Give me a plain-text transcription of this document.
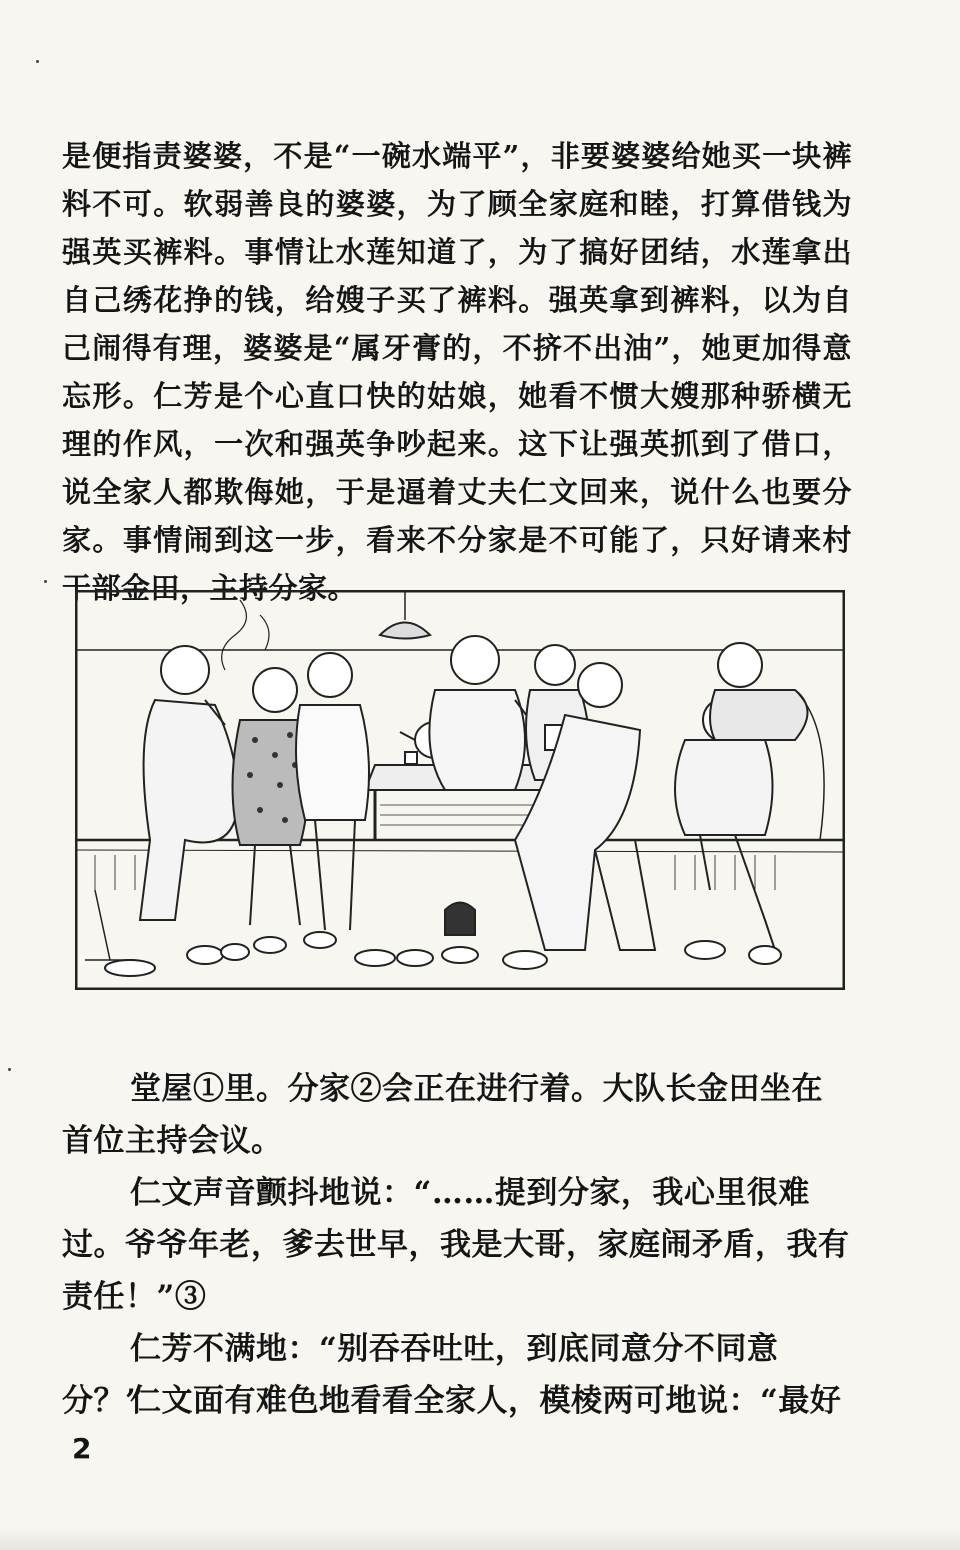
是便指责婆婆，不是“一碗水端平”，非要婆婆给她买一块裤料不可。软弱善良的婆婆，为了顾全家庭和睦，打算借钱为强英买裤料。事情让水莲知道了，为了搞好团结，水莲拿出自己绣花挣的钱，给嫂子买了裤料。强英拿到裤料，以为自己闹得有理，婆婆是“属牙膏的，不挤不出油”，她更加得意忘形。仁芳是个心直口快的姑娘，她看不惯大嫂那种骄横无理的作风，一次和强英争吵起来。这下让强英抓到了借口，说全家人都欺侮她，于是逼着丈夫仁文回来，说什么也要分家。事情闹到这一步，看来不分家是不可能了，只好请来村干部金田，主持分家。

堂屋①里。分家②会正在进行着。大队长金田坐在首位主持会议。

仁文声音颤抖地说：“……提到分家，我心里很难过。爷爷年老，爹去世早，我是大哥，家庭闹矛盾，我有责任！”③

仁芳不满地：“别吞吞吐吐，到底同意分不同意分？”

仁文面有难色地看看全家人，模棱两可地说：“最好

2
